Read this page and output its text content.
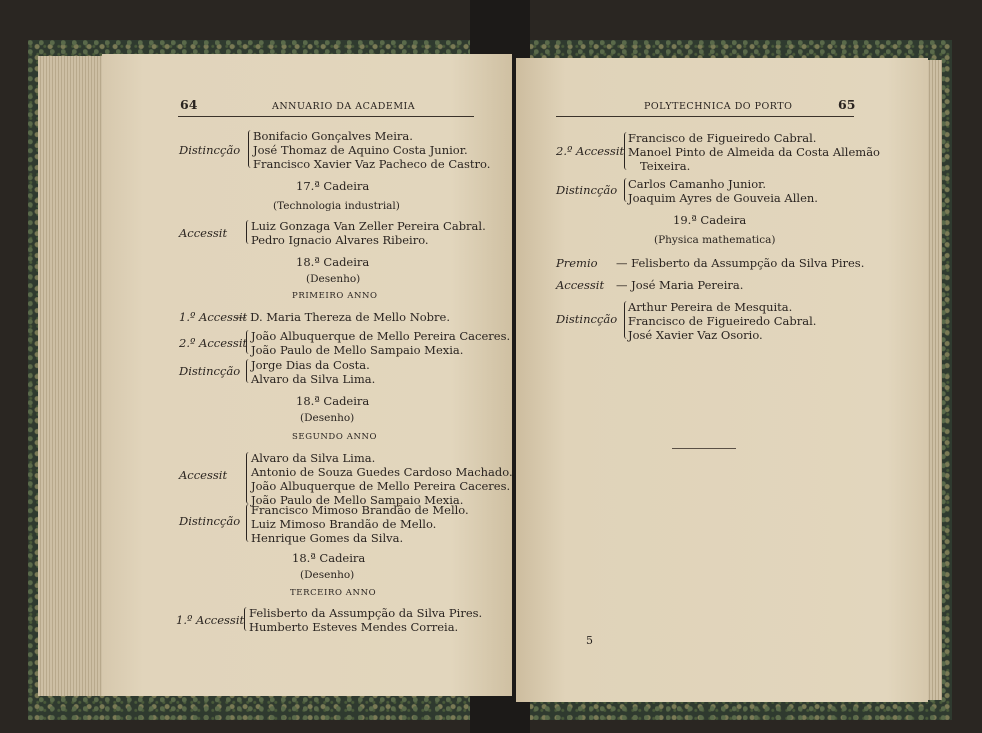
64	ANNUARIO DA ACADEMIA
Distincção
Bonifacio Gonçalves Meira.
José Thomaz de Aquino Costa Junior.
Francisco Xavier Vaz Pacheco de Castro.
17.ª Cadeira
(Technologia industrial)
Accessit Luiz Gonzaga Van Zeller Pereira Cabral.
Pedro Ignacio Alvares Ribeiro.
18.ª Cadeira
(Desenho)
PRIMEIRO ANNO
1.º Accessit
— D. Maria Thereza de Mello Nobre.
2.º Accessit João Albuquerque de Mello Pereira Caceres.
João Paulo de Mello Sampaio Mexia.
Distincção Jorge Dias da Costa.
Alvaro da Silva Lima.
18.ª Cadeira
(Desenho)
SEGUNDO ANNO
Accessit
Alvaro da Silva Lima.
Antonio de Souza Guedes Cardoso Machado.
João Albuquerque de Mello Pereira Caceres.
João Paulo de Mello Sampaio Mexia.
Distincção
Francisco Mimoso Brandão de Mello.
Luiz Mimoso Brandão de Mello.
Henrique Gomes da Silva.
18.ª Cadeira
(Desenho)
TERCEIRO ANNO
1.º Accessit Felisberto da Assumpção da Silva Pires.
Humberto Esteves Mendes Correia.
POLYTECHNICA DO PORTO	65
2.º Accessit
Francisco de Figueiredo Cabral.
Manoel Pinto de Almeida da Costa Allemão
Teixeira.
Distincção Carlos Camanho Junior.
Joaquim Ayres de Gouveia Allen.
19.ª Cadeira
(Physica mathematica)
Premio — Felisberto da Assumpção da Silva Pires.
Accessit — José Maria Pereira.
Distincção
Arthur Pereira de Mesquita.
Francisco de Figueiredo Cabral.
José Xavier Vaz Osorio.
5
